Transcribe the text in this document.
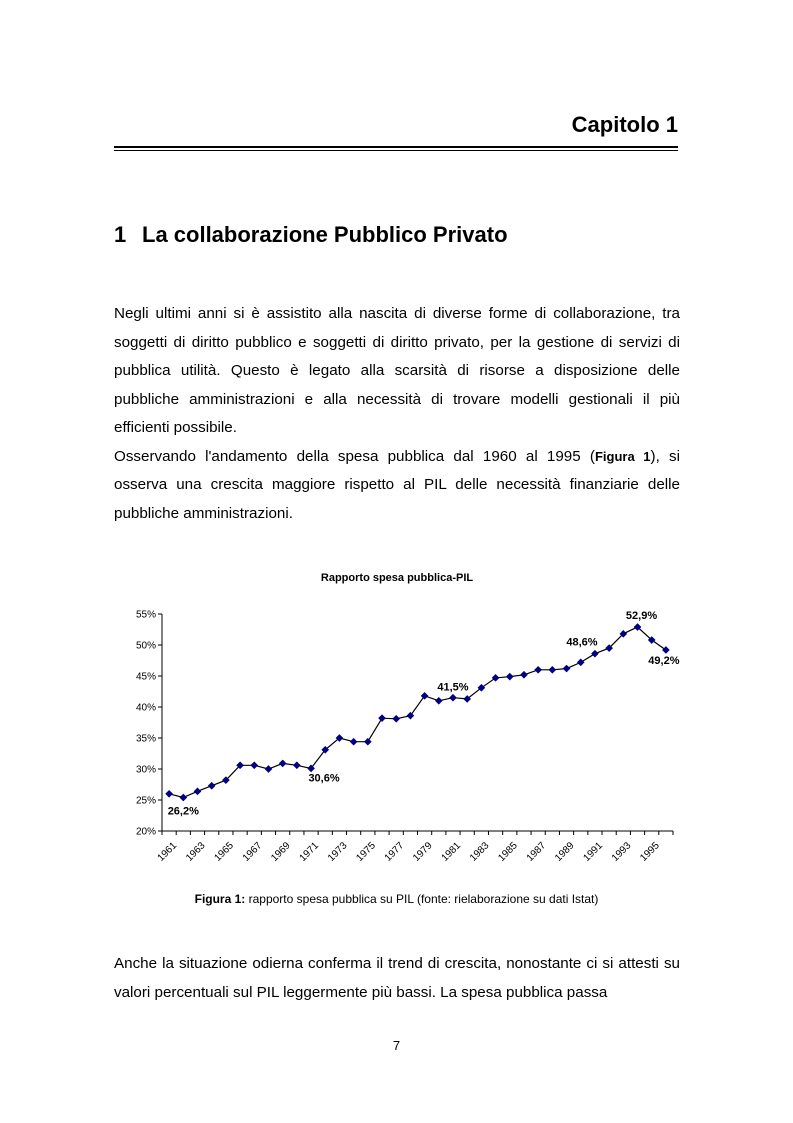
Capitolo 1
1 La collaborazione Pubblico Privato

Negli ultimi anni si è assistito alla nascita di diverse forme di collaborazione, tra soggetti di diritto pubblico e soggetti di diritto privato, per la gestione di servizi di pubblica utilità. Questo è legato alla scarsità di risorse a disposizione delle pubbliche amministrazioni e alla necessità di trovare modelli gestionali il più efficienti possibile.

Osservando l'andamento della spesa pubblica dal 1960 al 1995 (Figura 1), si osserva una crescita maggiore rispetto al PIL delle necessità finanziarie delle pubbliche amministrazioni.

Rapporto spesa pubblica-PIL
20%
25%
30%
35%
40%
45%
50%
55%
1961 1963 1965 1967 1969 1971 1973 1975 1977 1979 1981 1983 1985 1987 1989 1991 1993 1995
26,2%
30,6%
41,5%
48,6%
52,9%
49,2%
Figura 1: rapporto spesa pubblica su PIL (fonte: rielaborazione su dati Istat)

Anche la situazione odierna conferma il trend di crescita, nonostante ci si attesti su valori percentuali sul PIL leggermente più bassi. La spesa pubblica passa

7
